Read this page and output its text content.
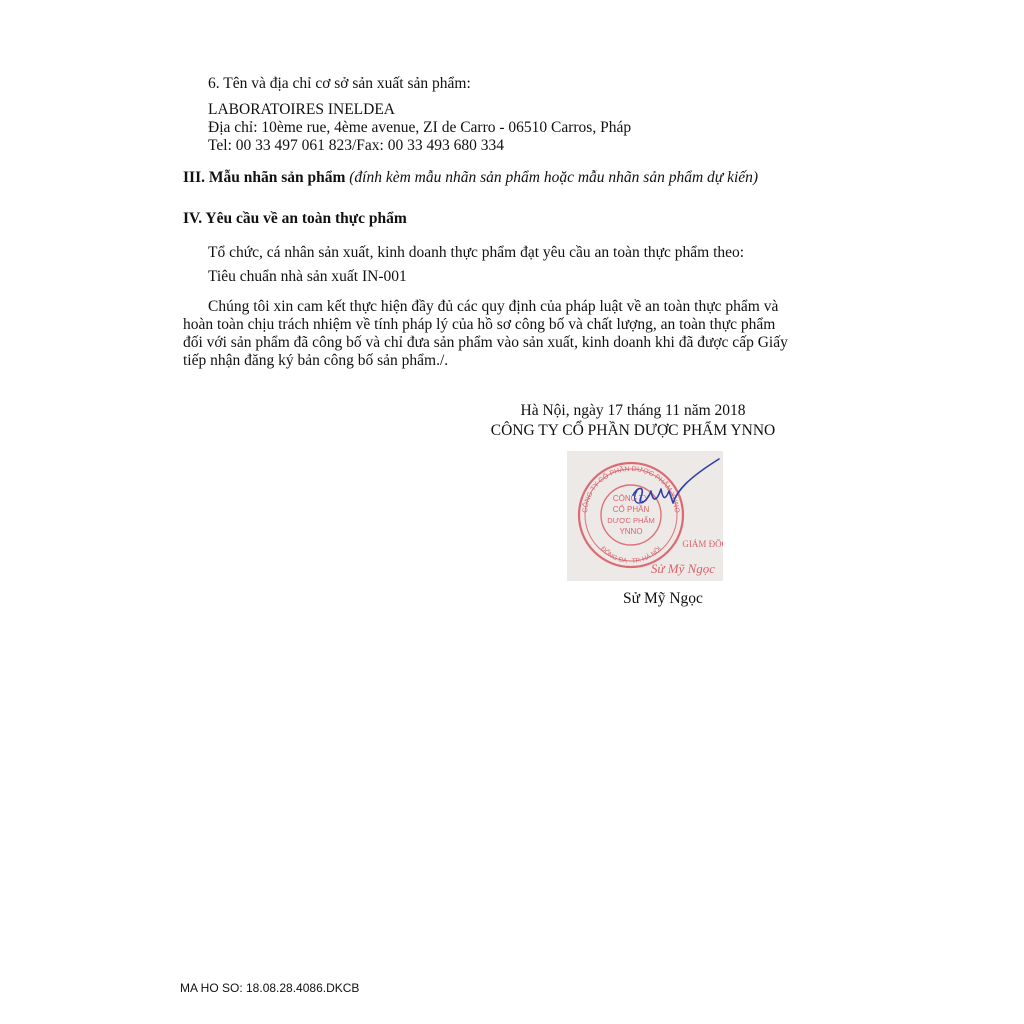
6. Tên và địa chỉ cơ sở sản xuất sản phẩm:
LABORATOIRES INELDEA
Địa chỉ: 10ème rue, 4ème avenue, ZI de Carro - 06510 Carros, Pháp
Tel: 00 33 497 061 823/Fax: 00 33 493 680 334
III. Mẫu nhãn sản phẩm (đính kèm mẫu nhãn sản phẩm hoặc mẫu nhãn sản phẩm dự kiến)
IV. Yêu cầu về an toàn thực phẩm
Tổ chức, cá nhân sản xuất, kinh doanh thực phẩm đạt yêu cầu an toàn thực phẩm theo:
Tiêu chuẩn nhà sản xuất IN-001
Chúng tôi xin cam kết thực hiện đầy đủ các quy định của pháp luật về an toàn thực phẩm và
hoàn toàn chịu trách nhiệm về tính pháp lý của hồ sơ công bố và chất lượng, an toàn thực phẩm
đối với sản phẩm đã công bố và chỉ đưa sản phẩm vào sản xuất, kinh doanh khi đã được cấp Giấy
tiếp nhận đăng ký bản công bố sản phẩm./.
Hà Nội, ngày 17 tháng 11 năm 2018
CÔNG TY CỔ PHẦN DƯỢC PHẨM YNNO
CÔNG TY CỔ PHẦN DƯỢC PHẨM YNNO
ĐỐNG ĐA - TP. HÀ NỘI
CÔNG TY
CỔ PHẦN
DƯỢC PHẨM
YNNO
GIÁM ĐỐ
Sử Mỹ Ngọc
Sử Mỹ Ngọc
MA HO SO: 18.08.28.4086.DKCB
